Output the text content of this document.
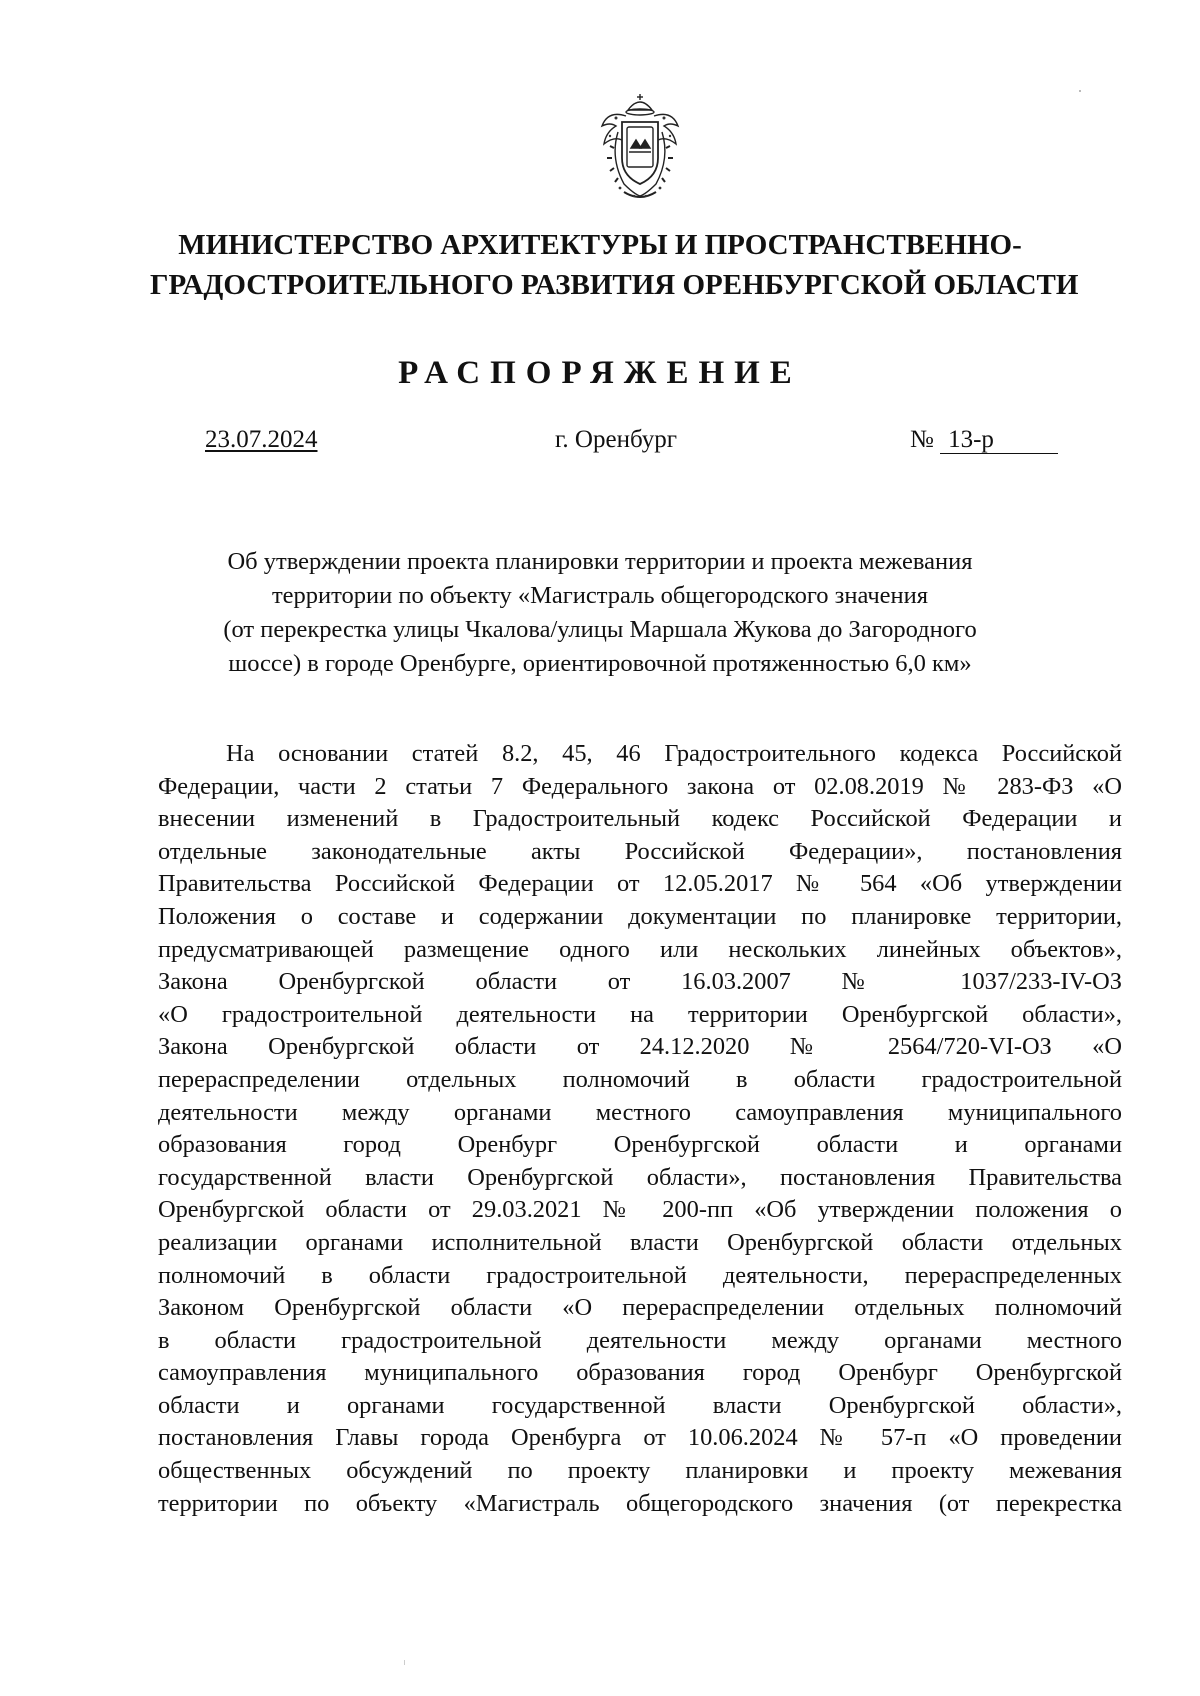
МИНИСТЕРСТВО АРХИТЕКТУРЫ И ПРОСТРАНСТВЕННО-
ГРАДОСТРОИТЕЛЬНОГО РАЗВИТИЯ ОРЕНБУРГСКОЙ ОБЛАСТИ
РАСПОРЯЖЕНИЕ
23.07.2024	г. Оренбург	№ 13-р
Об утверждении проекта планировки территории и проекта межевания
территории по объекту «Магистраль общегородского значения
(от перекрестка улицы Чкалова/улицы Маршала Жукова до Загородного
шоссе) в городе Оренбурге, ориентировочной протяженностью 6,0 км»
На основании статей 8.2, 45, 46 Градостроительного кодекса Российской
Федерации, части 2 статьи 7 Федерального закона от 02.08.2019 № 283-ФЗ «О
внесении изменений в Градостроительный кодекс Российской Федерации и
отдельные законодательные акты Российской Федерации», постановления
Правительства Российской Федерации от 12.05.2017 № 564 «Об утверждении
Положения о составе и содержании документации по планировке территории,
предусматривающей размещение одного или нескольких линейных объектов»,
Закона Оренбургской области от 16.03.2007 № 1037/233-IV-ОЗ
«О градостроительной деятельности на территории Оренбургской области»,
Закона Оренбургской области от 24.12.2020 № 2564/720-VI-ОЗ «О
перераспределении отдельных полномочий в области градостроительной
деятельности между органами местного самоуправления муниципального
образования город Оренбург Оренбургской области и органами
государственной власти Оренбургской области», постановления Правительства
Оренбургской области от 29.03.2021 № 200-пп «Об утверждении положения о
реализации органами исполнительной власти Оренбургской области отдельных
полномочий в области градостроительной деятельности, перераспределенных
Законом Оренбургской области «О перераспределении отдельных полномочий
в области градостроительной деятельности между органами местного
самоуправления муниципального образования город Оренбург Оренбургской
области и органами государственной власти Оренбургской области»,
постановления Главы города Оренбурга от 10.06.2024 № 57-п «О проведении
общественных обсуждений по проекту планировки и проекту межевания
территории по объекту «Магистраль общегородского значения (от перекрестка
